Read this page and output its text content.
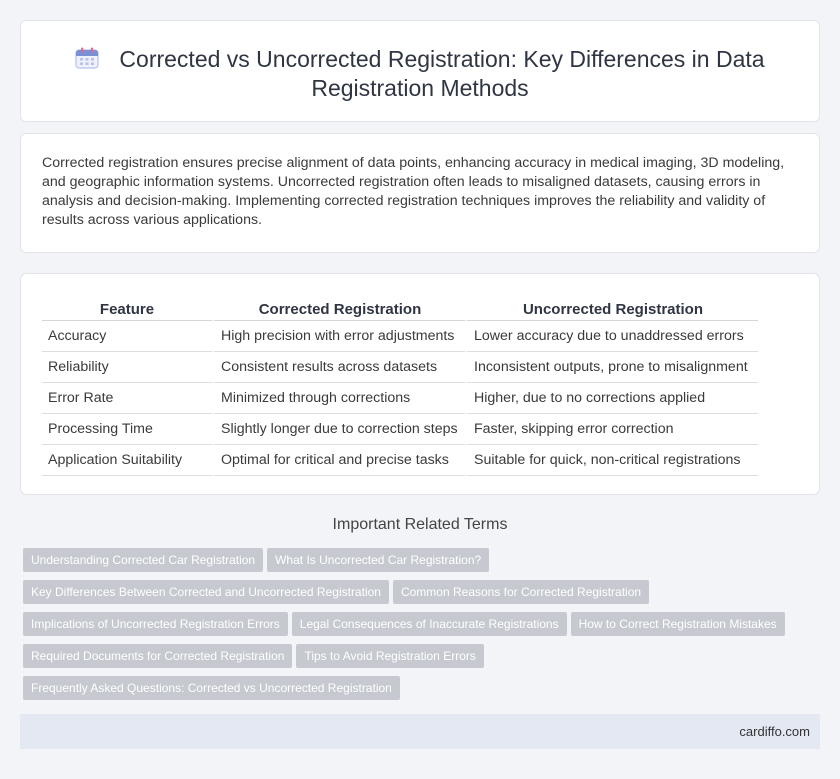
Corrected vs Uncorrected Registration: Key Differences in Data Registration Methods

Corrected registration ensures precise alignment of data points, enhancing accuracy in medical imaging, 3D modeling, and geographic information systems. Uncorrected registration often leads to misaligned datasets, causing errors in analysis and decision-making. Implementing corrected registration techniques improves the reliability and validity of results across various applications.

Feature	Corrected Registration	Uncorrected Registration
Accuracy	High precision with error adjustments	Lower accuracy due to unaddressed errors
Reliability	Consistent results across datasets	Inconsistent outputs, prone to misalignment
Error Rate	Minimized through corrections	Higher, due to no corrections applied
Processing Time	Slightly longer due to correction steps	Faster, skipping error correction
Application Suitability	Optimal for critical and precise tasks	Suitable for quick, non-critical registrations
Important Related Terms
Understanding Corrected Car Registration What Is Uncorrected Car Registration?
Key Differences Between Corrected and Uncorrected Registration Common Reasons for Corrected Registration
Implications of Uncorrected Registration Errors Legal Consequences of Inaccurate Registrations How to Correct Registration Mistakes
Required Documents for Corrected Registration Tips to Avoid Registration Errors
Frequently Asked Questions: Corrected vs Uncorrected Registration
cardiffo.com
